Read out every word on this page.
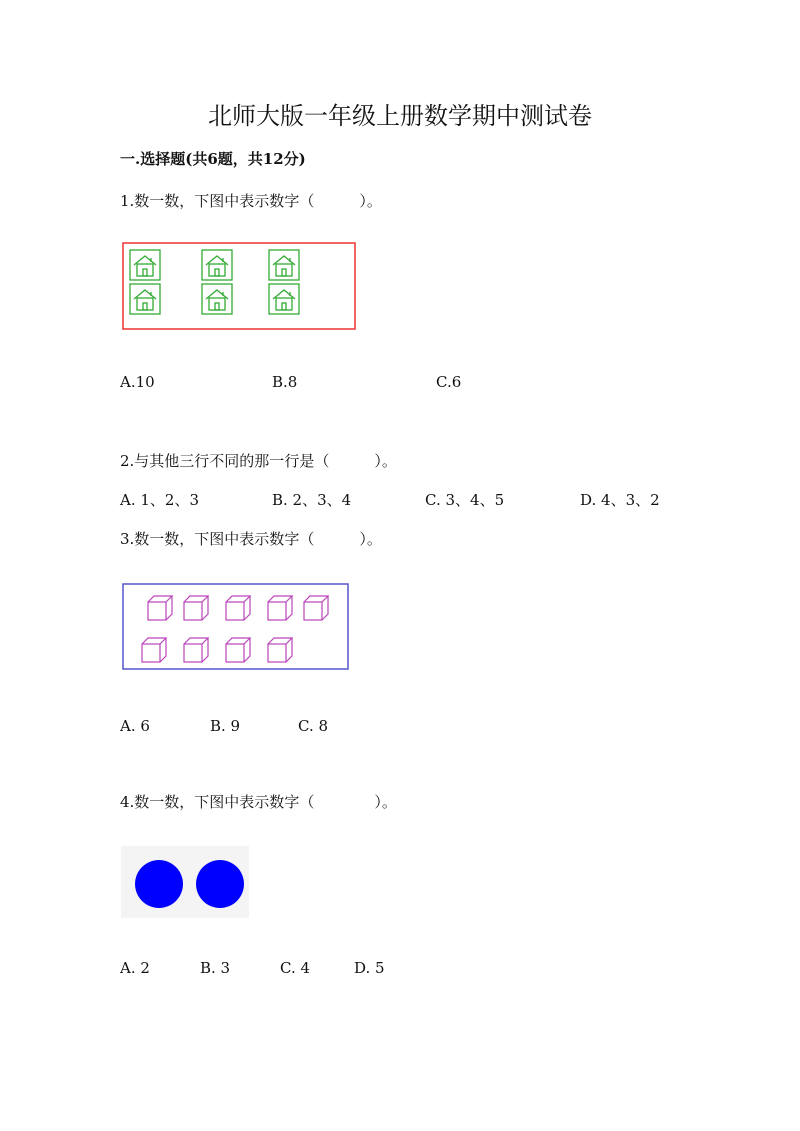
北师大版一年级上册数学期中测试卷
一.选择题(共6题，共12分)
1.数一数，下图中表示数字（　　　）。
A.10	B.8	C.6
2.与其他三行不同的那一行是（　　　）。
A. 1、2、3	B. 2、3、4	C. 3、4、5	D. 4、3、2
3.数一数，下图中表示数字（　　　）。
A. 6	B. 9	C. 8
4.数一数，下图中表示数字（　　　　）。
A. 2	B. 3	C. 4	D. 5
